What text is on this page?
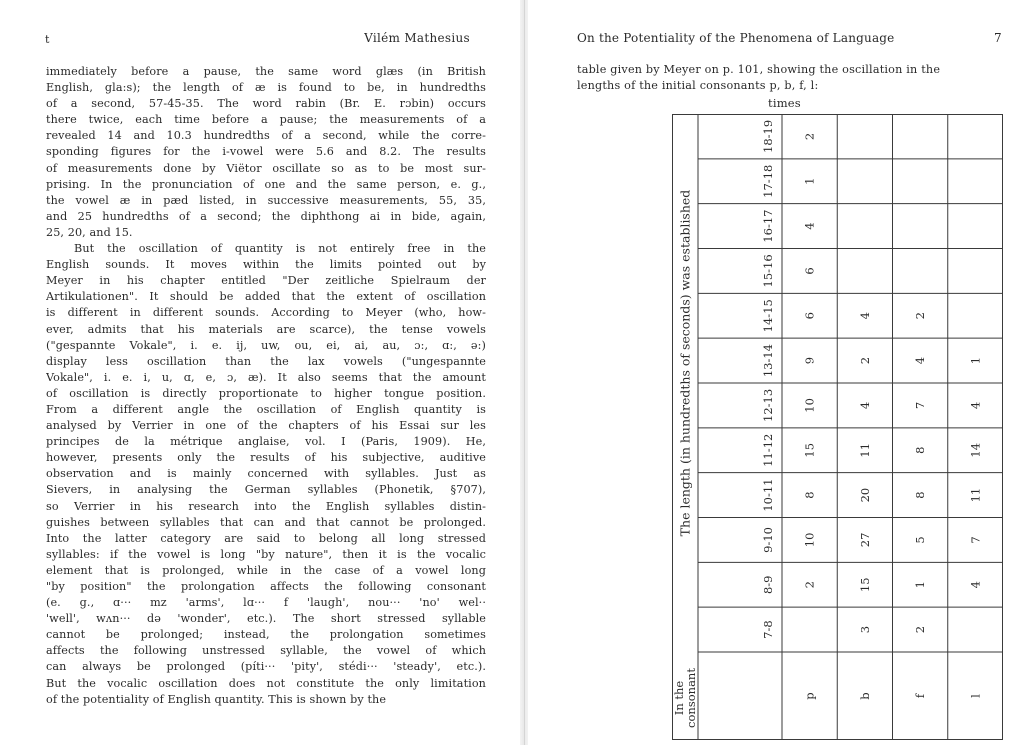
t	Vilém Mathesius
immediately before a pause, the same word glæs (in British
English, gla:s); the length of æ is found to be, in hundredths
of a second, 57-45-35. The word rabin (Br. E. rɔbin) occurs
there twice, each time before a pause; the measurements of a
revealed 14 and 10.3 hundredths of a second, while the corre-
sponding figures for the i-vowel were 5.6 and 8.2. The results
of measurements done by Viëtor oscillate so as to be most sur-
prising. In the pronunciation of one and the same person, e. g.,
the vowel æ in pæd listed, in successive measurements, 55, 35,
and 25 hundredths of a second; the diphthong ai in bide, again,
25, 20, and 15.
But the oscillation of quantity is not entirely free in the
English sounds. It moves within the limits pointed out by
Meyer in his chapter entitled "Der zeitliche Spielraum der
Artikulationen". It should be added that the extent of oscillation
is different in different sounds. According to Meyer (who, how-
ever, admits that his materials are scarce), the tense vowels
("gespannte Vokale", i. e. ij, uw, ou, ei, ai, au, ɔ:, ɑ:, ə:)
display less oscillation than the lax vowels ("ungespannte
Vokale", i. e. i, u, ɑ, e, ɔ, æ). It also seems that the amount
of oscillation is directly proportionate to higher tongue position.
From a different angle the oscillation of English quantity is
analysed by Verrier in one of the chapters of his Essai sur les
principes de la métrique anglaise, vol. I (Paris, 1909). He,
however, presents only the results of his subjective, auditive
observation and is mainly concerned with syllables. Just as
Sievers, in analysing the German syllables (Phonetik, §707),
so Verrier in his research into the English syllables distin-
guishes between syllables that can and that cannot be prolonged.
Into the latter category are said to belong all long stressed
syllables: if the vowel is long "by nature", then it is the vocalic
element that is prolonged, while in the case of a vowel long
"by position" the prolongation affects the following consonant
(e. g., ɑ··· mz 'arms', lɑ··· f 'laugh', nou··· 'no' wel··
'well', wʌn··· də 'wonder', etc.). The short stressed syllable
cannot be prolonged; instead, the prolongation sometimes
affects the following unstressed syllable, the vowel of which
can always be prolonged (píti··· 'pity', stédi··· 'steady', etc.).
But the vocalic oscillation does not constitute the only limitation
of the potentiality of English quantity. This is shown by the
On the Potentiality of the Phenomena of Language	7
table given by Meyer on p. 101, showing the oscillation in the
lengths of the initial consonants p, b, f, l:
times
In the
consonant
The length (in hundredths of seconds) was established
7-8
8-9
9-10
10-11
11-12
12-13
13-14
14-15
15-16
16-17
17-18
18-19
p
2
10
8
15
10
9
6
6
4
1
2
b
3
15
27
20
11
4
2
4
f
2
1
5
8
8
7
4
2
l
4
7
11
14
4
1
